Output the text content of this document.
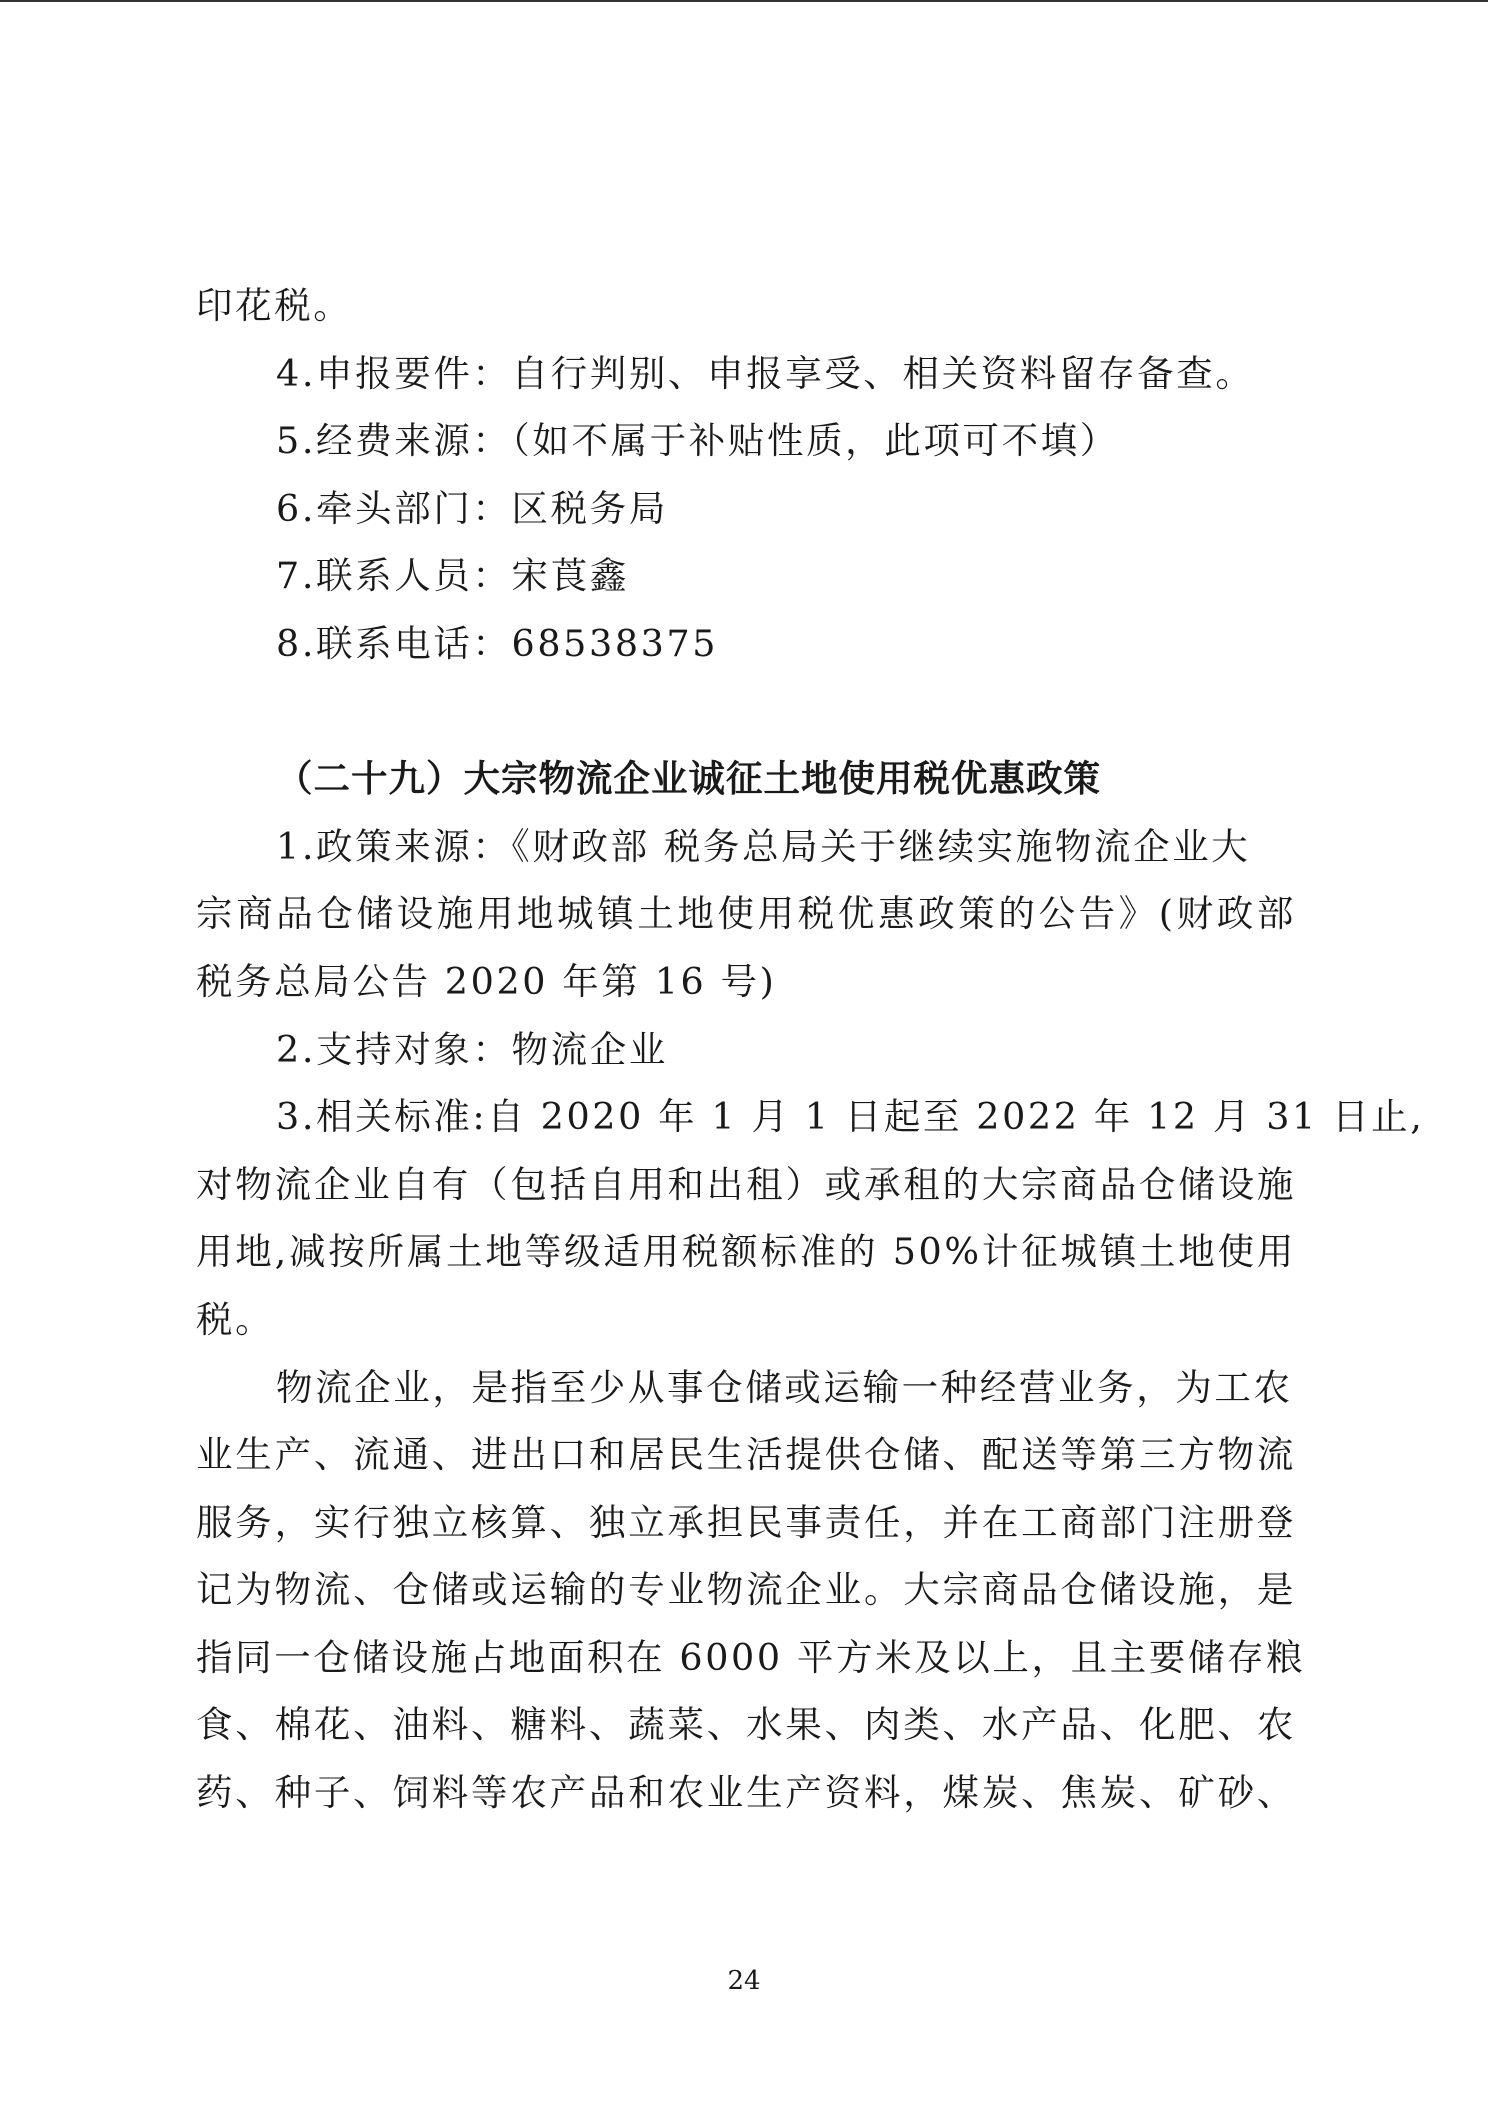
印花税。
4.申报要件：自行判别、申报享受、相关资料留存备查。
5.经费来源：（如不属于补贴性质，此项可不填）
6.牵头部门：区税务局
7.联系人员：宋莨鑫
8.联系电话：68538375
（二十九）大宗物流企业诚征土地使用税优惠政策
1.政策来源：《财政部 税务总局关于继续实施物流企业大
宗商品仓储设施用地城镇土地使用税优惠政策的公告》(财政部
税务总局公告 2020 年第 16 号)
2.支持对象：物流企业
3.相关标准:自 2020 年 1 月 1 日起至 2022 年 12 月 31 日止,
对物流企业自有（包括自用和出租）或承租的大宗商品仓储设施
用地,减按所属土地等级适用税额标准的 50%计征城镇土地使用
税。
物流企业，是指至少从事仓储或运输一种经营业务，为工农
业生产、流通、进出口和居民生活提供仓储、配送等第三方物流
服务，实行独立核算、独立承担民事责任，并在工商部门注册登
记为物流、仓储或运输的专业物流企业。大宗商品仓储设施，是
指同一仓储设施占地面积在 6000 平方米及以上，且主要储存粮
食、棉花、油料、糖料、蔬菜、水果、肉类、水产品、化肥、农
药、种子、饲料等农产品和农业生产资料，煤炭、焦炭、矿砂、
24
